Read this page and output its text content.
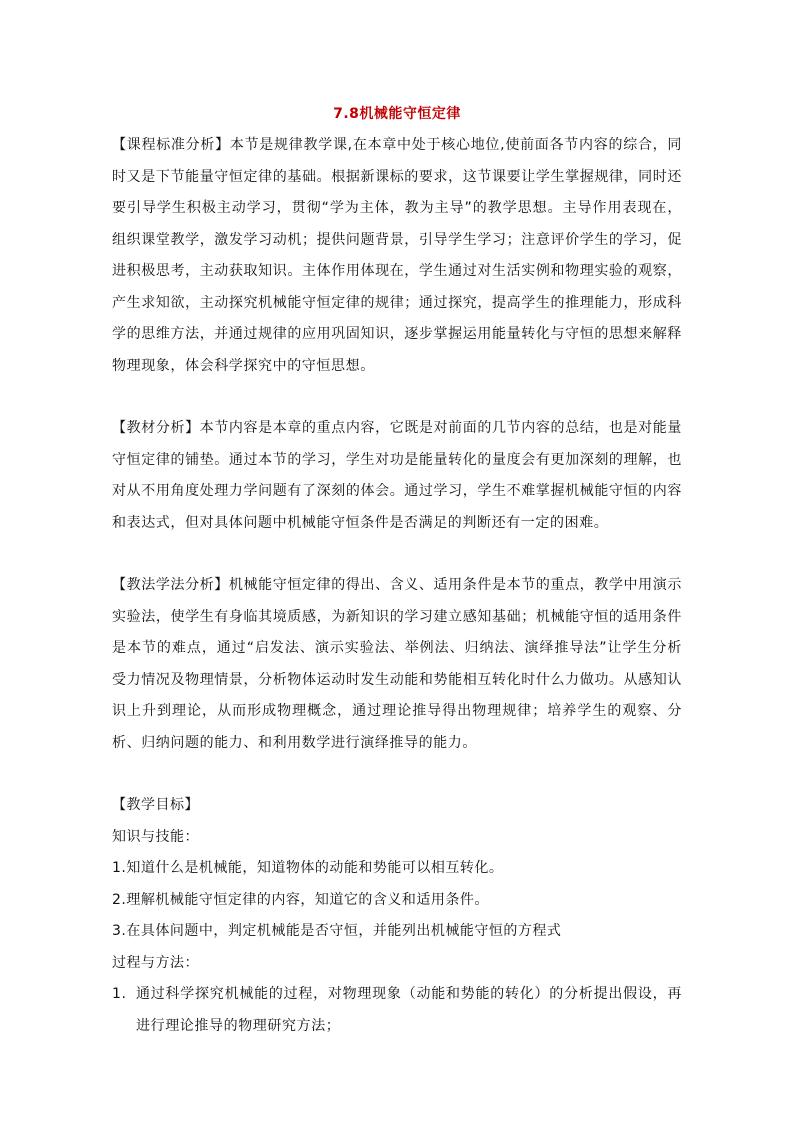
7.8机械能守恒定律

【课程标准分析】本节是规律教学课,在本章中处于核心地位,使前面各节内容的综合，同时又是下节能量守恒定律的基础。根据新课标的要求，这节课要让学生掌握规律，同时还要引导学生积极主动学习，贯彻“学为主体，教为主导”的教学思想。主导作用表现在，组织课堂教学，激发学习动机；提供问题背景，引导学生学习；注意评价学生的学习，促进积极思考，主动获取知识。主体作用体现在，学生通过对生活实例和物理实验的观察，产生求知欲，主动探究机械能守恒定律的规律；通过探究，提高学生的推理能力，形成科学的思维方法，并通过规律的应用巩固知识，逐步掌握运用能量转化与守恒的思想来解释物理现象，体会科学探究中的守恒思想。

【教材分析】本节内容是本章的重点内容，它既是对前面的几节内容的总结，也是对能量守恒定律的铺垫。通过本节的学习，学生对功是能量转化的量度会有更加深刻的理解，也对从不用角度处理力学问题有了深刻的体会。通过学习，学生不难掌握机械能守恒的内容和表达式，但对具体问题中机械能守恒条件是否满足的判断还有一定的困难。

【教法学法分析】机械能守恒定律的得出、含义、适用条件是本节的重点，教学中用演示实验法，使学生有身临其境质感，为新知识的学习建立感知基础；机械能守恒的适用条件是本节的难点，通过“启发法、演示实验法、举例法、归纳法、演绎推导法”让学生分析受力情况及物理情景，分析物体运动时发生动能和势能相互转化时什么力做功。从感知认识上升到理论，从而形成物理概念，通过理论推导得出物理规律；培养学生的观察、分析、归纳问题的能力、和利用数学进行演绎推导的能力。

【教学目标】

知识与技能：

1.知道什么是机械能，知道物体的动能和势能可以相互转化。

2.理解机械能守恒定律的内容，知道它的含义和适用条件。

3.在具体问题中，判定机械能是否守恒，并能列出机械能守恒的方程式

过程与方法：

1. 通过科学探究机械能的过程，对物理现象（动能和势能的转化）的分析提出假设，再进行理论推导的物理研究方法；
